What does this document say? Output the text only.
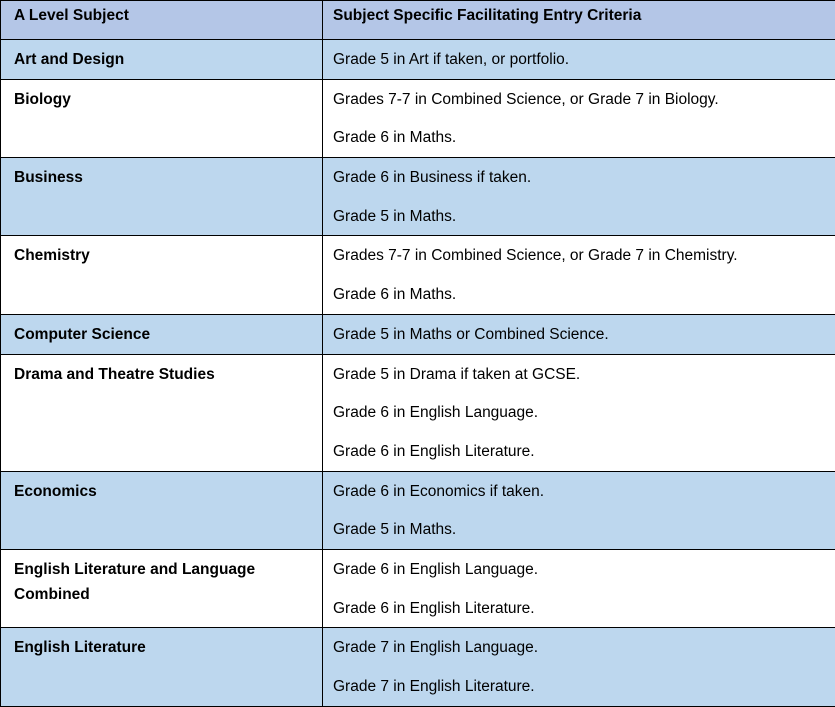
A Level Subject	Subject Specific Facilitating Entry Criteria
Art and Design	Grade 5 in Art if taken, or portfolio.

Biology	Grades 7-7 in Combined Science, or Grade 7 in Biology.
Grade 6 in Maths.

Business	Grade 6 in Business if taken.
Grade 5 in Maths.

Chemistry	Grades 7-7 in Combined Science, or Grade 7 in Chemistry.
Grade 6 in Maths.

Computer Science	Grade 5 in Maths or Combined Science.

Drama and Theatre Studies	Grade 5 in Drama if taken at GCSE.
Grade 6 in English Language.
Grade 6 in English Literature.

Economics	Grade 6 in Economics if taken.
Grade 5 in Maths.

English Literature and Language Combined	Grade 6 in English Language.
Grade 6 in English Literature.

English Literature	Grade 7 in English Language.
Grade 7 in English Literature.
